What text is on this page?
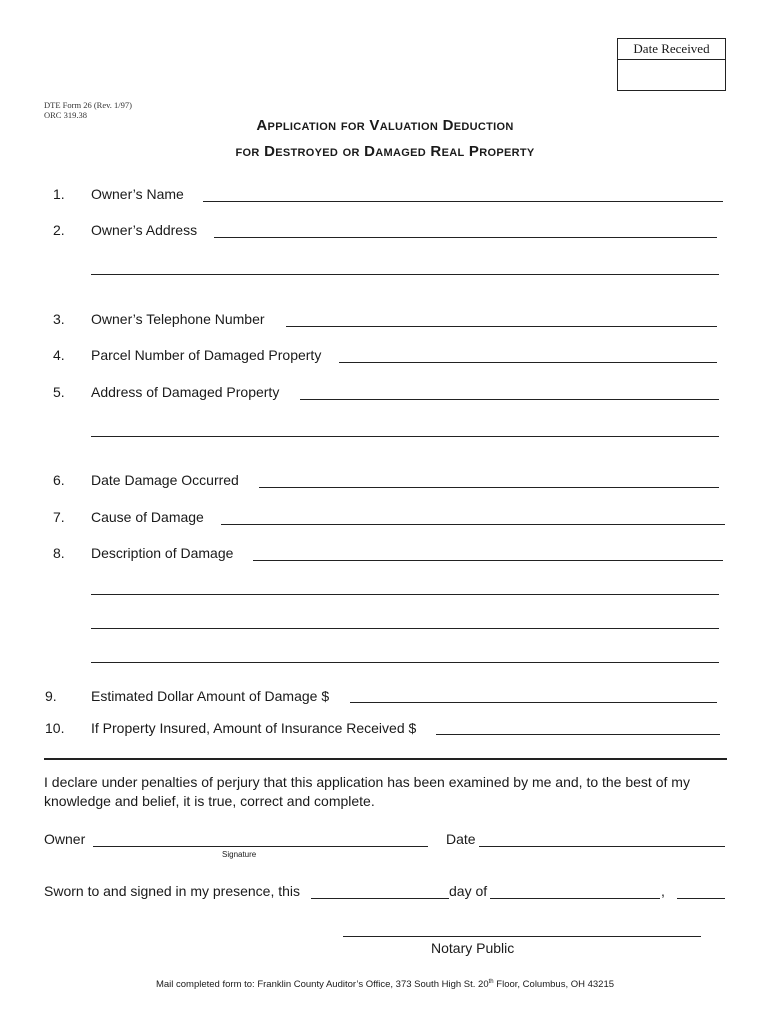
Date Received
DTE Form 26 (Rev. 1/97)
ORC 319.38
Application for Valuation Deduction
for Destroyed or Damaged Real Property
1. Owner’s Name
2. Owner’s Address
3. Owner’s Telephone Number
4. Parcel Number of Damaged Property
5. Address of Damaged Property
6. Date Damage Occurred
7. Cause of Damage
8. Description of Damage
9. Estimated Dollar Amount of Damage $
10. If Property Insured, Amount of Insurance Received $
I declare under penalties of perjury that this application has been examined by me and, to the best of my knowledge and belief, it is true, correct and complete.
Owner
Signature
Date
Sworn to and signed in my presence, this	day of	,
Notary Public
Mail completed form to: Franklin County Auditor’s Office, 373 South High St. 20th Floor, Columbus, OH 43215
